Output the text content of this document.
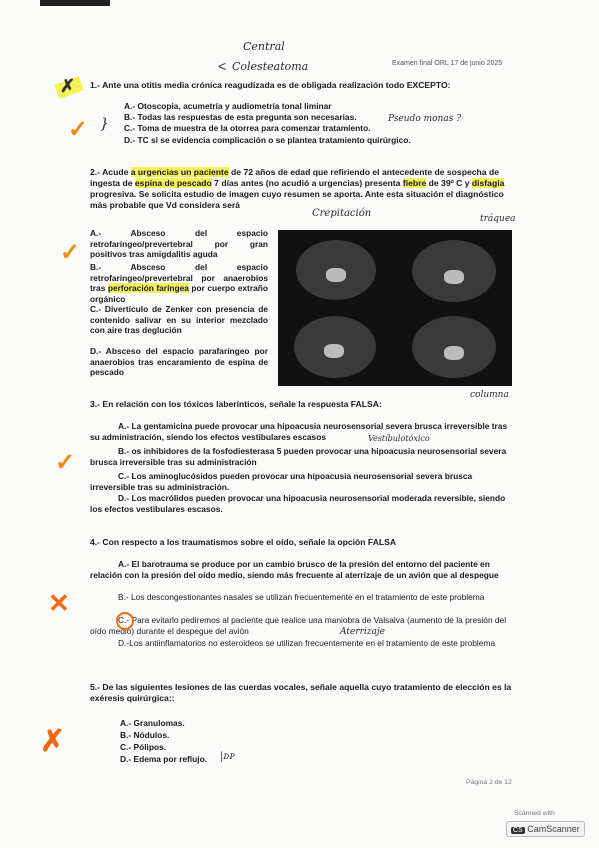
Central
Colesteatoma
<	Examen final ORL 17 de junio 2025
✗ 1.- Ante una otitis media crónica reagudizada es de obligada realización todo EXCEPTO:
A.- Otoscopia, acumetría y audiometría tonal liminar
B.- Todas las respuestas de esta pregunta son necesarias.
C.- Toma de muestra de la otorrea para comenzar tratamiento.
D.- TC si se evidencia complicación o se plantea tratamiento quirúrgico.
Pseudo monas ?
✓ }
2.- Acude a urgencias un paciente de 72 años de edad que refiriendo el antecedente de sospecha de
ingesta de espina de pescado 7 días antes (no acudió a urgencias) presenta fiebre de 39º C y disfagia
progresiva. Se solicita estudio de imagen cuyo resumen se aporta. Ante esta situación el diagnóstico
más probable que Vd considera será
A.- Absceso del espacio retrofaríngeo/prevertebral por gran positivos tras amigdalitis aguda
B.- Absceso del espacio retrofaríngeo/prevertebral por anaerobios tras perforación faríngea por cuerpo extraño orgánico
C.- Divertículo de Zenker con presencia de contenido salivar en su interior mezclado con aire tras deglución
D.- Absceso del espacio parafaríngeo por anaerobios tras encaramiento de espina de pescado
✓
Crepitación	tráquea
columna
3.- En relación con los tóxicos laberínticos, señale la respuesta FALSA:
A.- La gentamicina puede provocar una hipoacusia neurosensorial severa brusca irreversible tras su administración, siendo los efectos vestibulares escasos
B.- os inhibidores de la fosfodiesterasa 5 pueden provocar una hipoacusia neurosensorial severa brusca irreversible tras su administración
C.- Los aminoglucósidos pueden provocar una hipoacusia neurosensorial severa brusca irreversible tras su administración.
D.- Los macrólidos pueden provocar una hipoacusia neurosensorial moderada reversible, siendo los efectos vestibulares escasos.
Vestíbulotóxico
✓
4.- Con respecto a los traumatismos sobre el oído, señale la opción FALSA
A.- El barotrauma se produce por un cambio brusco de la presión del entorno del paciente en relación con la presión del oído medio, siendo más frecuente al aterrizaje de un avión que al despegue
B.- Los descongestionantes nasales se utilizan frecuentemente en el tratamiento de este problema
C.- Para evitarlo pediremos al paciente que realice una maniobra de Valsalva (aumento de la presión del oído medio) durante el despegue del avión
D.-Los antiinflamatorios no esteroideos se utilizan frecuentemente en el tratamiento de este problema
Aterrizaje
✕
5.- De las siguientes lesiones de las cuerdas vocales, señale aquella cuyo tratamiento de elección es la exéresis quirúrgica::
A.- Granulomas.
B.- Nódulos.
C.- Pólipos.
D.- Edema por reflujo. |ᴅᴘ
✗
Página 2 de 12
Scanned with
CS CamScanner
